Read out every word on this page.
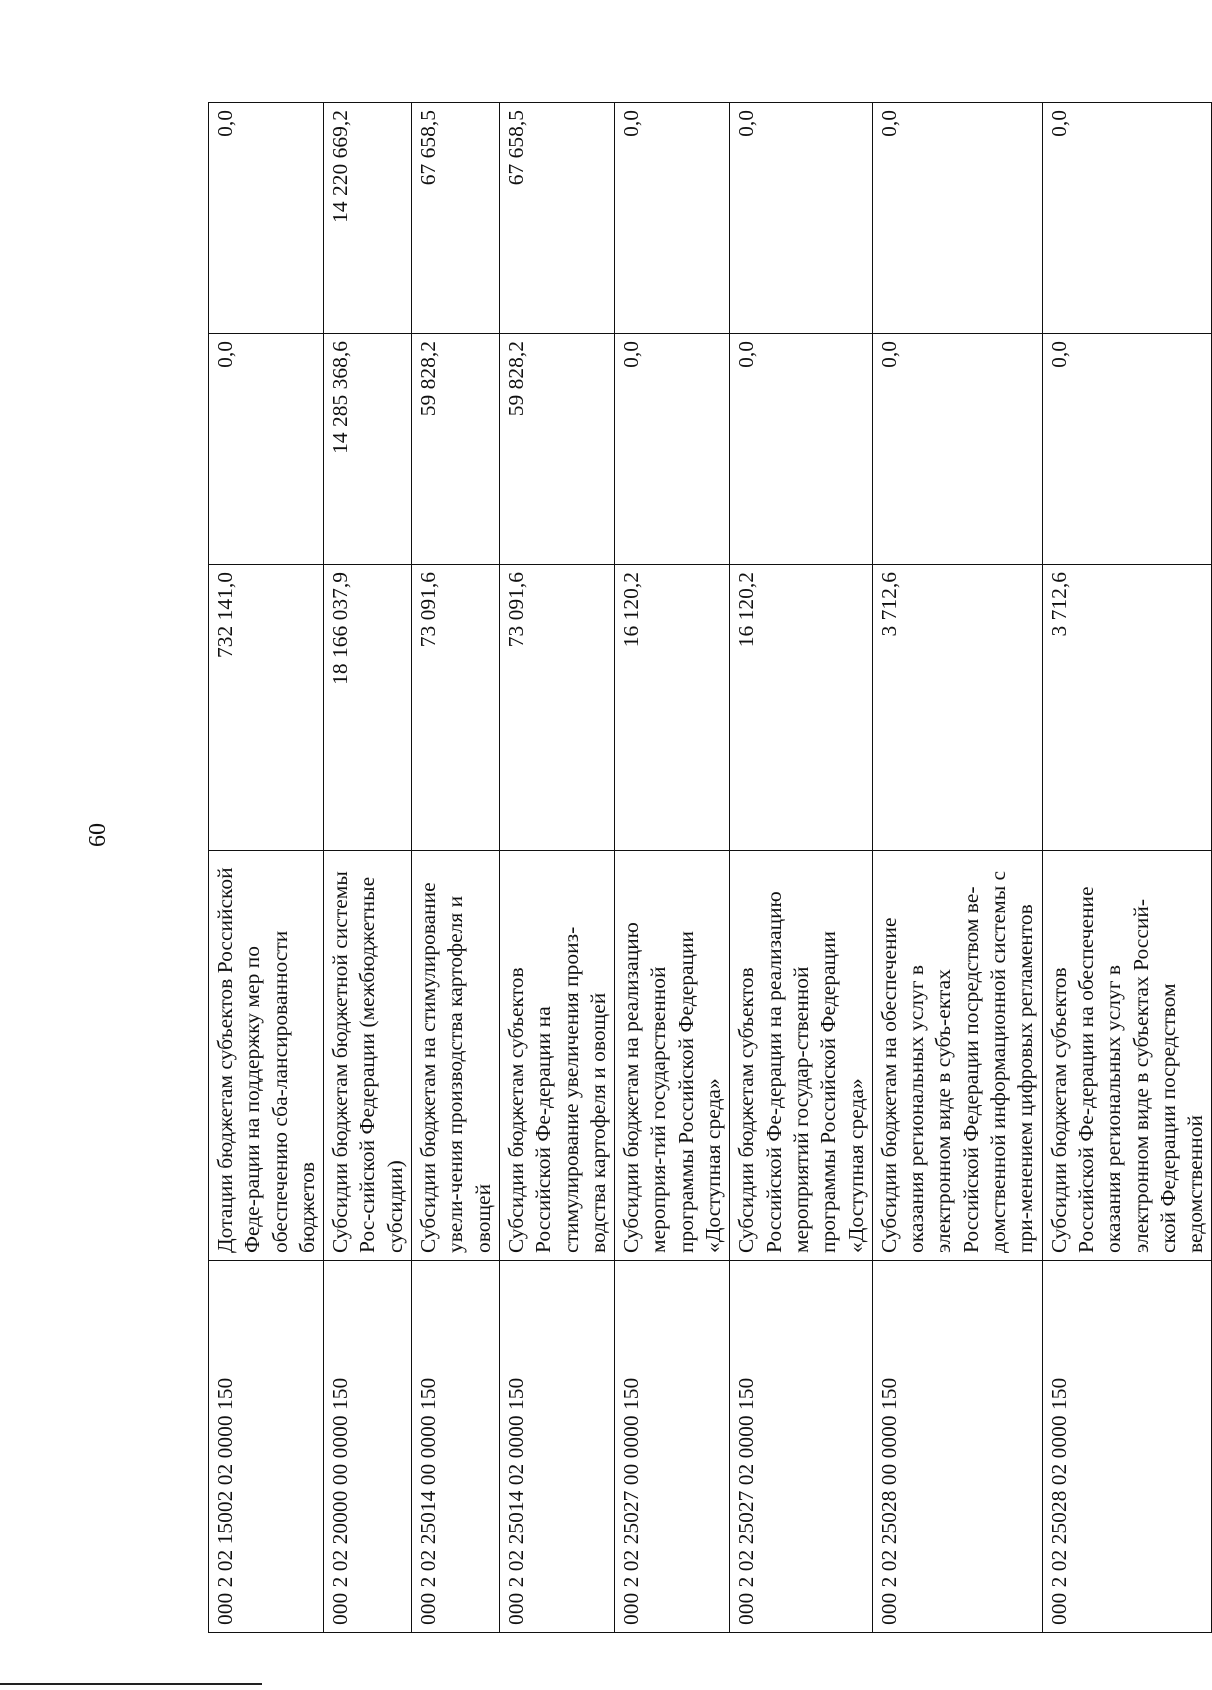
60
000 2 02 15002 02 0000 150	Дотации бюджетам субъектов Российской Феде-рации на поддержку мер по обеспечению сба-лансированности бюджетов	732 141,0	0,0	0,0
000 2 02 20000 00 0000 150	Субсидии бюджетам бюджетной системы Рос-сийской Федерации (межбюджетные субсидии)	18 166 037,9	14 285 368,6	14 220 669,2
000 2 02 25014 00 0000 150	Субсидии бюджетам на стимулирование увели-чения производства картофеля и овощей	73 091,6	59 828,2	67 658,5
000 2 02 25014 02 0000 150	Субсидии бюджетам субъектов Российской Фе-дерации на стимулирование увеличения произ-водства картофеля и овощей	73 091,6	59 828,2	67 658,5
000 2 02 25027 00 0000 150	Субсидии бюджетам на реализацию мероприя-тий государственной программы Российской Федерации «Доступная среда»	16 120,2	0,0	0,0
000 2 02 25027 02 0000 150	Субсидии бюджетам субъектов Российской Фе-дерации на реализацию мероприятий государ-ственной программы Российской Федерации «Доступная среда»	16 120,2	0,0	0,0
000 2 02 25028 00 0000 150	Субсидии бюджетам на обеспечение оказания региональных услуг в электронном виде в субъ-ектах Российской Федерации посредством ве-домственной информационной системы с при-менением цифровых регламентов	3 712,6	0,0	0,0
000 2 02 25028 02 0000 150	Субсидии бюджетам субъектов Российской Фе-дерации на обеспечение оказания региональных услуг в электронном виде в субъектах Россий-ской Федерации посредством ведомственной	3 712,6	0,0	0,0
